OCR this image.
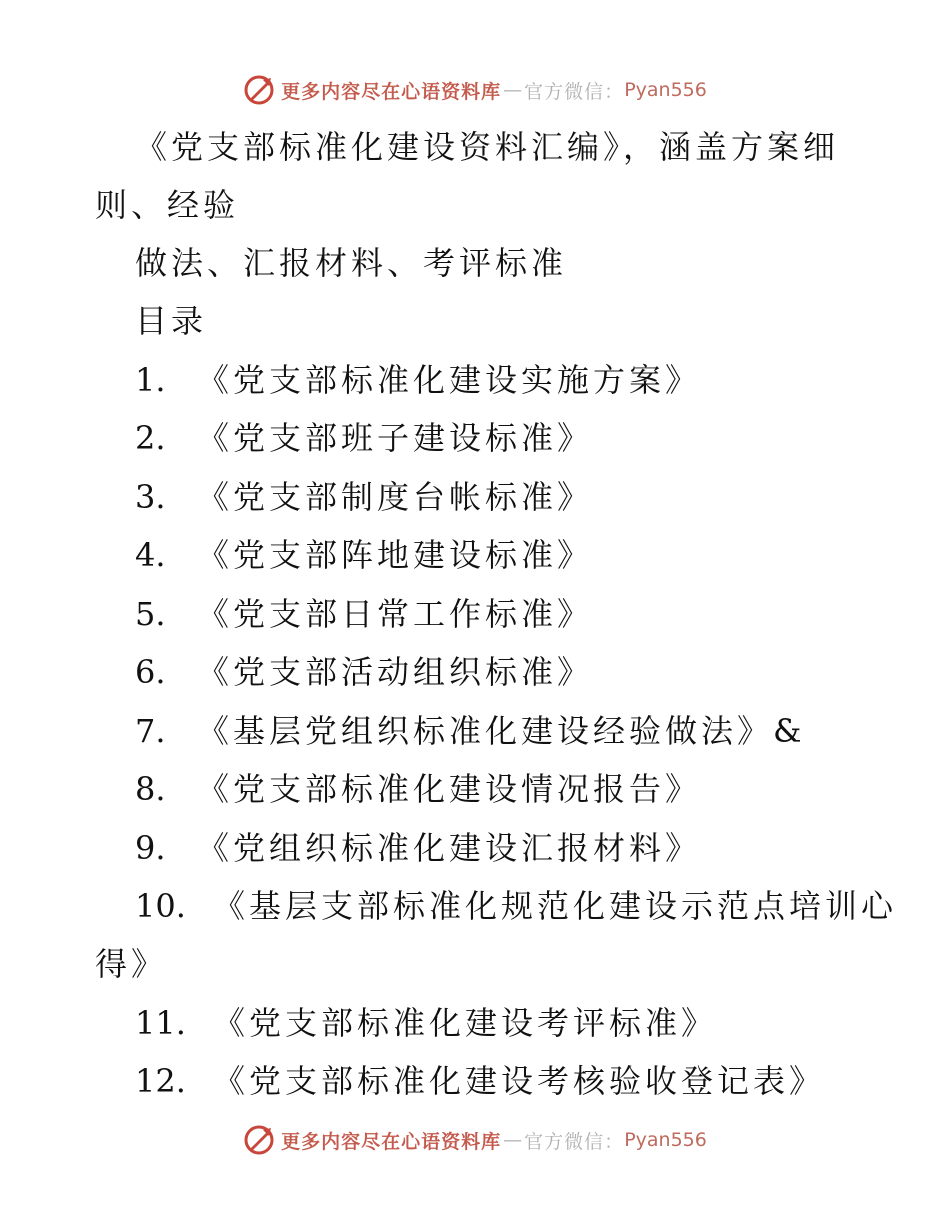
更多内容尽在心语资料库 — 官方微信： Pyan556
《党支部标准化建设资料汇编》，涵盖方案细
则、经验
做法、汇报材料、考评标准
目录
1. 《党支部标准化建设实施方案》
2. 《党支部班子建设标准》
3. 《党支部制度台帐标准》
4. 《党支部阵地建设标准》
5. 《党支部日常工作标准》
6. 《党支部活动组织标准》
7. 《基层党组织标准化建设经验做法》&
8. 《党支部标准化建设情况报告》
9. 《党组织标准化建设汇报材料》
10. 《基层支部标准化规范化建设示范点培训心
得》
11. 《党支部标准化建设考评标准》
12. 《党支部标准化建设考核验收登记表》
更多内容尽在心语资料库 — 官方微信： Pyan556
